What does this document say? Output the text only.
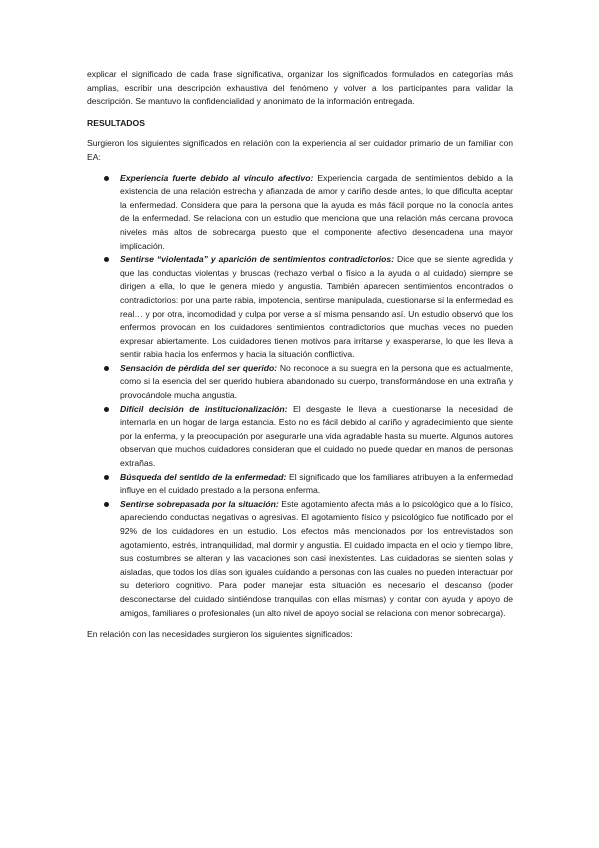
explicar el significado de cada frase significativa, organizar los significados formulados en categorías más amplias, escribir una descripción exhaustiva del fenómeno y volver a los participantes para validar la descripción. Se mantuvo la confidencialidad y anonimato de la información entregada.

RESULTADOS

Surgieron los siguientes significados en relación con la experiencia al ser cuidador primario de un familiar con EA:

Experiencia fuerte debido al vínculo afectivo: Experiencia cargada de sentimientos debido a la existencia de una relación estrecha y afianzada de amor y cariño desde antes, lo que dificulta aceptar la enfermedad. Considera que para la persona que la ayuda es más fácil porque no la conocía antes de la enfermedad. Se relaciona con un estudio que menciona que una relación más cercana provoca niveles más altos de sobrecarga puesto que el componente afectivo desencadena una mayor implicación.
Sentirse “violentada” y aparición de sentimientos contradictorios: Dice que se siente agredida y que las conductas violentas y bruscas (rechazo verbal o físico a la ayuda o al cuidado) siempre se dirigen a ella, lo que le genera miedo y angustia. También aparecen sentimientos encontrados o contradictorios: por una parte rabia, impotencia, sentirse manipulada, cuestionarse si la enfermedad es real… y por otra, incomodidad y culpa por verse a sí misma pensando así. Un estudio observó que los enfermos provocan en los cuidadores sentimientos contradictorios que muchas veces no pueden expresar abiertamente. Los cuidadores tienen motivos para irritarse y exasperarse, lo que les lleva a sentir rabia hacia los enfermos y hacia la situación conflictiva.
Sensación de pérdida del ser querido: No reconoce a su suegra en la persona que es actualmente, como si la esencia del ser querido hubiera abandonado su cuerpo, transformándose en una extraña y provocándole mucha angustia.
Difícil decisión de institucionalización: El desgaste le lleva a cuestionarse la necesidad de internarla en un hogar de larga estancia. Esto no es fácil debido al cariño y agradecimiento que siente por la enferma, y la preocupación por asegurarle una vida agradable hasta su muerte. Algunos autores observan que muchos cuidadores consideran que el cuidado no puede quedar en manos de personas extrañas.
Búsqueda del sentido de la enfermedad: El significado que los familiares atribuyen a la enfermedad influye en el cuidado prestado a la persona enferma.
Sentirse sobrepasada por la situación: Este agotamiento afecta más a lo psicológico que a lo físico, apareciendo conductas negativas o agresivas. El agotamiento físico y psicológico fue notificado por el 92% de los cuidadores en un estudio. Los efectos más mencionados por los entrevistados son agotamiento, estrés, intranquilidad, mal dormir y angustia. El cuidado impacta en el ocio y tiempo libre, sus costumbres se alteran y las vacaciones son casi inexistentes. Las cuidadoras se sienten solas y aisladas, que todos los días son iguales cuidando a personas con las cuales no pueden interactuar por su deterioro cognitivo. Para poder manejar esta situación es necesario el descanso (poder desconectarse del cuidado sintiéndose tranquilas con ellas mismas) y contar con ayuda y apoyo de amigos, familiares o profesionales (un alto nivel de apoyo social se relaciona con menor sobrecarga).

En relación con las necesidades surgieron los siguientes significados:
